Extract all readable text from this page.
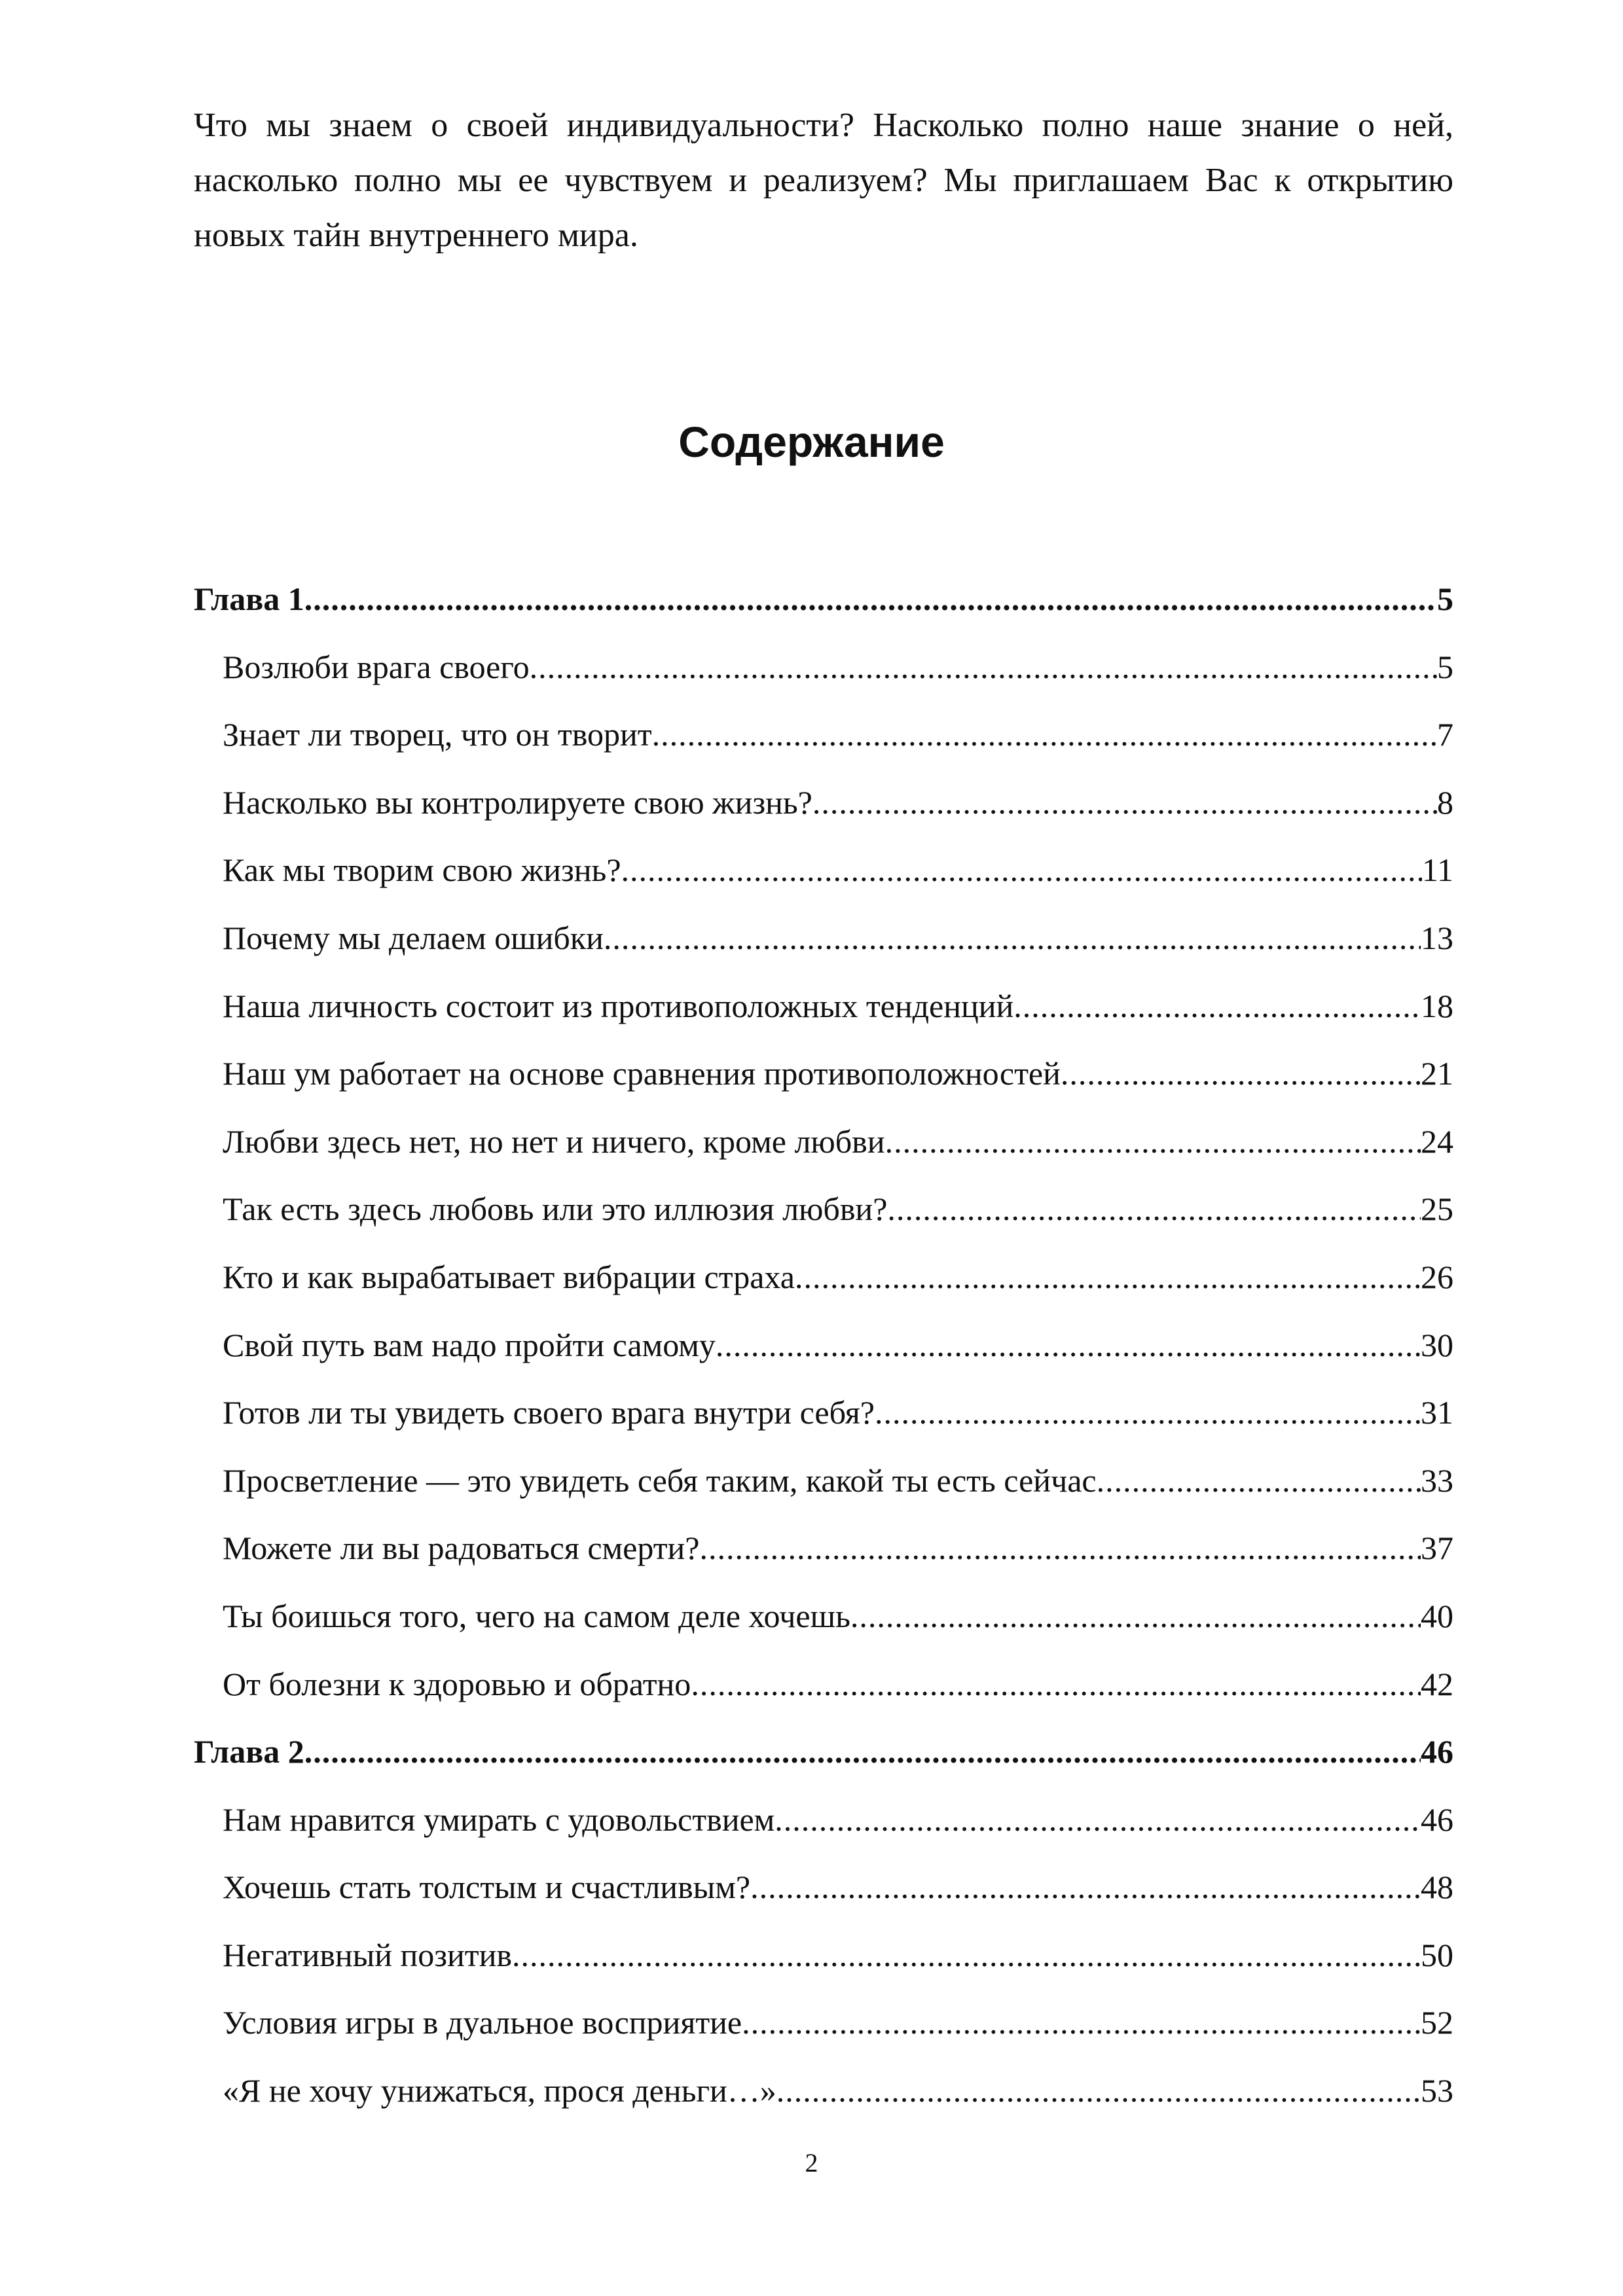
Что мы знаем о своей индивидуальности? Насколько полно наше знание о ней, насколько полно мы ее чувствуем и реализуем? Мы приглашаем Вас к открытию новых тайн внутреннего мира.

Содержание
Глава 1 .....	5
Возлюби врага своего .....	5
Знает ли творец, что он творит .....	7
Насколько вы контролируете свою жизнь? .....	8
Как мы творим свою жизнь? .....	11
Почему мы делаем ошибки .....	13
Наша личность состоит из противоположных тенденций .....	18
Наш ум работает на основе сравнения противоположностей .....	21
Любви здесь нет, но нет и ничего, кроме любви .....	24
Так есть здесь любовь или это иллюзия любви? .....	25
Кто и как вырабатывает вибрации страха .....	26
Свой путь вам надо пройти самому .....	30
Готов ли ты увидеть своего врага внутри себя? .....	31
Просветление — это увидеть себя таким, какой ты есть сейчас .....	33
Можете ли вы радоваться смерти? .....	37
Ты боишься того, чего на самом деле хочешь .....	40
От болезни к здоровью и обратно .....	42
Глава 2 .....	46
Нам нравится умирать с удовольствием .....	46
Хочешь стать толстым и счастливым? .....	48
Негативный позитив .....	50
Условия игры в дуальное восприятие .....	52
«Я не хочу унижаться, прося деньги…» .....	53

2
